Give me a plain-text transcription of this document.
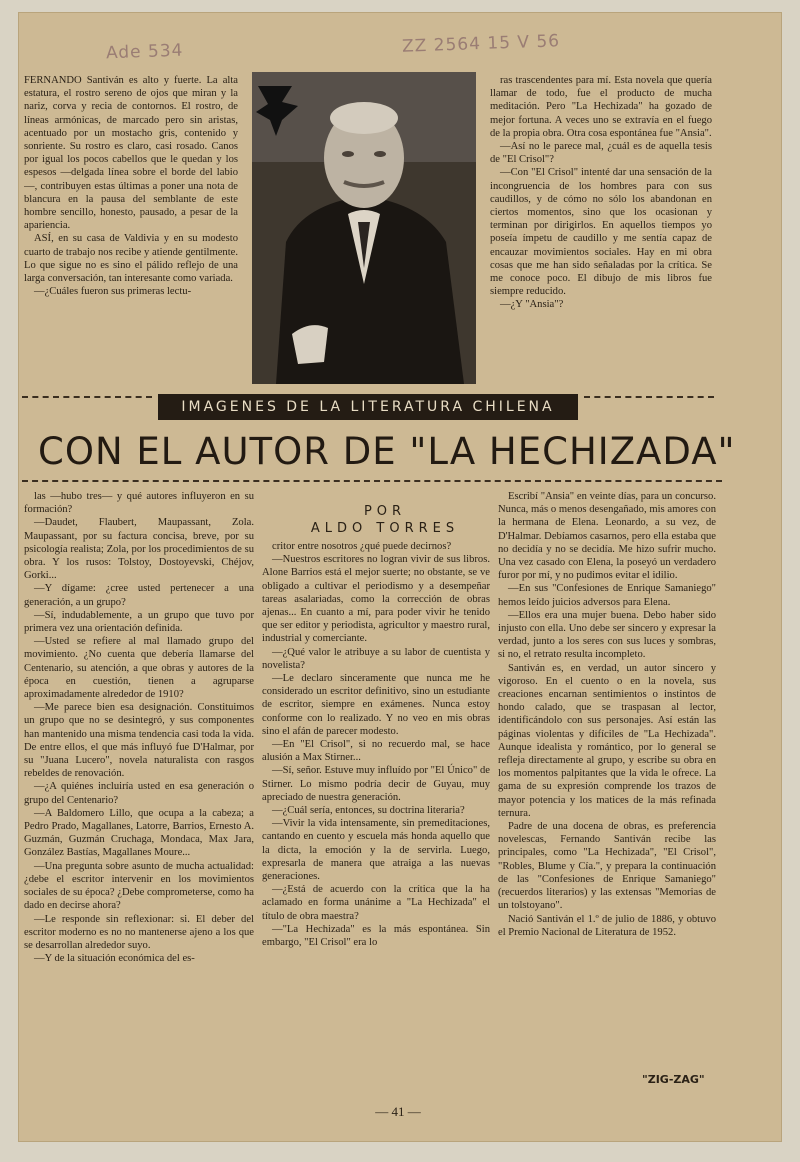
Ade 534	ZZ 2564 15 V 56

FERNANDO Santiván es alto y fuerte. La alta estatura, el rostro sereno de ojos que miran y la nariz, corva y recia de contornos. El rostro, de líneas armónicas, de marcado pero sin aristas, acentuado por un mostacho gris, contenido y sonriente. Su rostro es claro, casi rosado. Canos por igual los pocos cabellos que le quedan y los espesos —delgada línea sobre el borde del labio—, contribuyen estas últimas a poner una nota de blancura en la pausa del semblante de este hombre sencillo, honesto, pausado, a pesar de la apariencia.

ASÍ, en su casa de Valdivia y en su modesto cuarto de trabajo nos recibe y atiende gentilmente. Lo que sigue no es sino el pálido reflejo de una larga conversación, tan interesante como variada.

—¿Cuáles fueron sus primeras lectu-

ras trascendentes para mí. Esta novela que quería llamar de todo, fue el producto de mucha meditación. Pero "La Hechizada" ha gozado de mejor fortuna. A veces uno se extravía en el fuego de la propia obra. Otra cosa espontánea fue "Ansia".

—Así no le parece mal, ¿cuál es de aquella tesis de "El Crisol"?

—Con "El Crisol" intenté dar una sensación de la incongruencia de los hombres para con sus caudillos, y de cómo no sólo los abandonan en ciertos momentos, sino que los ocasionan y terminan por dirigirlos. En aquellos tiempos yo poseía ímpetu de caudillo y me sentía capaz de encauzar movimientos sociales. Hay en mi obra cosas que me han sido señaladas por la crítica. Se me conoce poco. El dibujo de mis libros fue siempre reducido.

—¿Y "Ansia"?

IMAGENES DE LA LITERATURA CHILENA
CON EL AUTOR DE "LA HECHIZADA"

las —hubo tres— y qué autores influyeron en su formación?

—Daudet, Flaubert, Maupassant, Zola. Maupassant, por su factura concisa, breve, por su psicología realista; Zola, por los procedimientos de su obra. Y los rusos: Tolstoy, Dostoyevski, Chéjov, Gorki...

—Y dígame: ¿cree usted pertenecer a una generación, a un grupo?

—Sí, indudablemente, a un grupo que tuvo por primera vez una orientación definida.

—Usted se refiere al mal llamado grupo del movimiento. ¿No cuenta que debería llamarse del Centenario, su atención, a que obras y autores de la época en cuestión, tienen a agruparse aproximadamente alrededor de 1910?

—Me parece bien esa designación. Constituimos un grupo que no se desintegró, y sus componentes han mantenido una misma tendencia casi toda la vida. De entre ellos, el que más influyó fue D'Halmar, por su "Juana Lucero", novela naturalista con rasgos rebeldes de renovación.

—¿A quiénes incluiría usted en esa generación o grupo del Centenario?

—A Baldomero Lillo, que ocupa a la cabeza; a Pedro Prado, Magallanes, Latorre, Barrios, Ernesto A. Guzmán, Guzmán Cruchaga, Mondaca, Max Jara, González Bastías, Magallanes Moure...

—Una pregunta sobre asunto de mucha actualidad: ¿debe el escritor intervenir en los movimientos sociales de su época? ¿Debe comprometerse, como ha dado en decirse ahora?

—Le responde sin reflexionar: si. El deber del escritor moderno es no no mantenerse ajeno a los que se desarrollan alrededor suyo.

—Y de la situación económica del es-

POR
ALDO TORRES

critor entre nosotros ¿qué puede decirnos?

—Nuestros escritores no logran vivir de sus libros. Alone Barrios está el mejor suerte; no obstante, se ve obligado a cultivar el periodismo y a desempeñar tareas asalariadas, como la corrección de obras ajenas... En cuanto a mí, para poder vivir he tenido que ser editor y periodista, agricultor y maestro rural, industrial y comerciante.

—¿Qué valor le atribuye a su labor de cuentista y novelista?

—Le declaro sinceramente que nunca me he considerado un escritor definitivo, sino un estudiante de escritor, siempre en exámenes. Nunca estoy conforme con lo realizado. Y no veo en mis obras sino el afán de parecer modesto.

—En "El Crisol", si no recuerdo mal, se hace alusión a Max Stirner...

—Sí, señor. Estuve muy influído por "El Único" de Stirner. Lo mismo podría decir de Guyau, muy apreciado de nuestra generación.

—¿Cuál sería, entonces, su doctrina literaria?

—Vivir la vida intensamente, sin premeditaciones, cantando en cuento y escuela más honda aquello que la dicta, la emoción y la de servirla. Luego, expresarla de manera que atraiga a las nuevas generaciones.

—¿Está de acuerdo con la crítica que la ha aclamado en forma unánime a "La Hechizada" el título de obra maestra?

—"La Hechizada" es la más espontánea. Sin embargo, "El Crisol" era lo

Escribí "Ansia" en veinte días, para un concurso. Nunca, más o menos desengañado, mis amores con la hermana de Elena. Leonardo, a su vez, de D'Halmar. Debíamos casarnos, pero ella estaba que no decidía y no se decidía. Me hizo sufrir mucho. Una vez casado con Elena, la poseyó un verdadero furor por mí, y no pudimos evitar el idilio.

—En sus "Confesiones de Enrique Samaniego" hemos leído juicios adversos para Elena.

—Ellos era una mujer buena. Debo haber sido injusto con ella. Uno debe ser sincero y expresar la verdad, junto a los seres con sus luces y sombras, si no, el retrato resulta incompleto.

Santiván es, en verdad, un autor sincero y vigoroso. En el cuento o en la novela, sus creaciones encarnan sentimientos o instintos de hondo calado, que se traspasan al lector, identificándolo con sus personajes. Así están las páginas violentas y difíciles de "La Hechizada". Aunque idealista y romántico, por lo general se refleja directamente al grupo, y escribe su obra en los momentos palpitantes que la vida le ofrece. La gama de su expresión comprende los trazos de mayor potencia y los matices de la más refinada ternura.

Padre de una docena de obras, es preferencia novelescas, Fernando Santiván recibe las principales, como "La Hechizada", "El Crisol", "Robles, Blume y Cía.", y prepara la continuación de las "Confesiones de Enrique Samaniego" (recuerdos literarios) y las extensas "Memorias de un tolstoyano".

Nació Santiván el 1.º de julio de 1886, y obtuvo el Premio Nacional de Literatura de 1952.

"ZIG-ZAG"
— 41 —
